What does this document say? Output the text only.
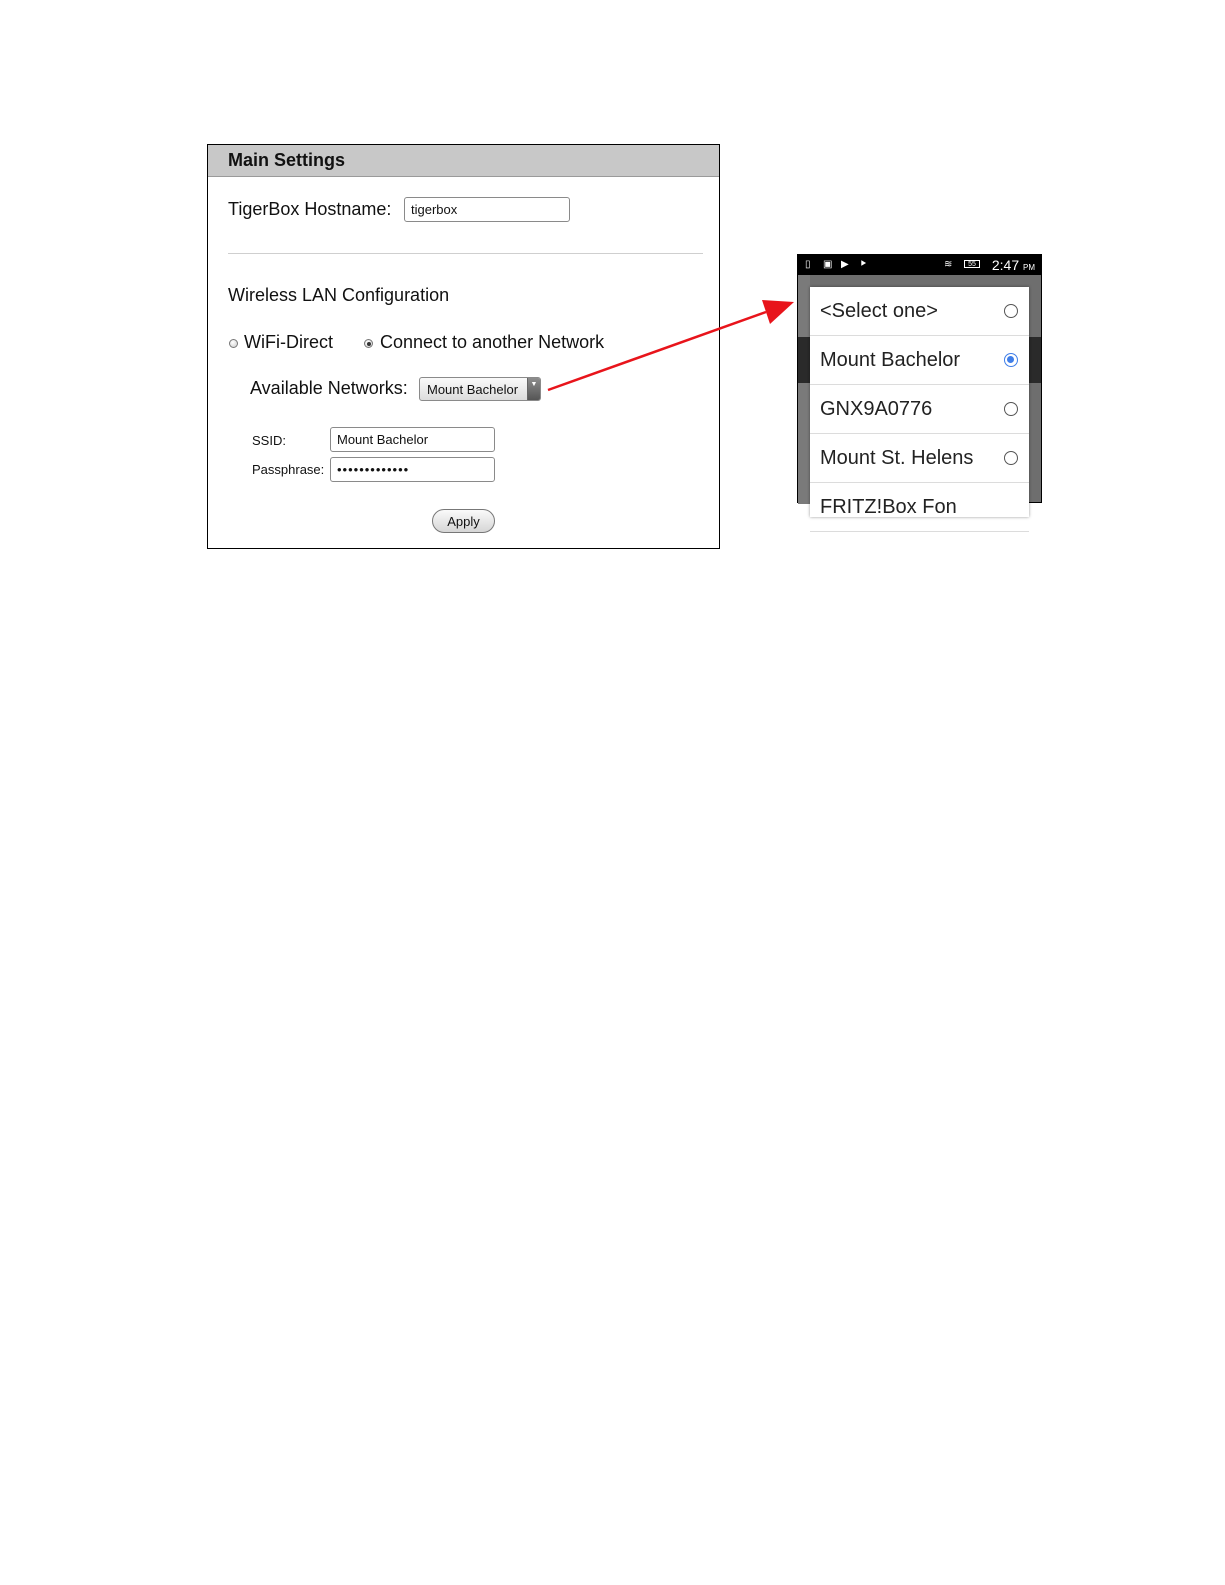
Main Settings
TigerBox Hostname:
tigerbox
Wireless LAN Configuration
WiFi-Direct	Connect to another Network
Available Networks:	Mount Bachelor	▼
SSID:
Mount Bachelor
Passphrase:
•••••••••••••
Apply
▯ ▣ ▶ ⯈	≋	55 2:47 PM
<Select one>
Mount Bachelor
GNX9A0776
Mount St. Helens
FRITZ!Box Fon
